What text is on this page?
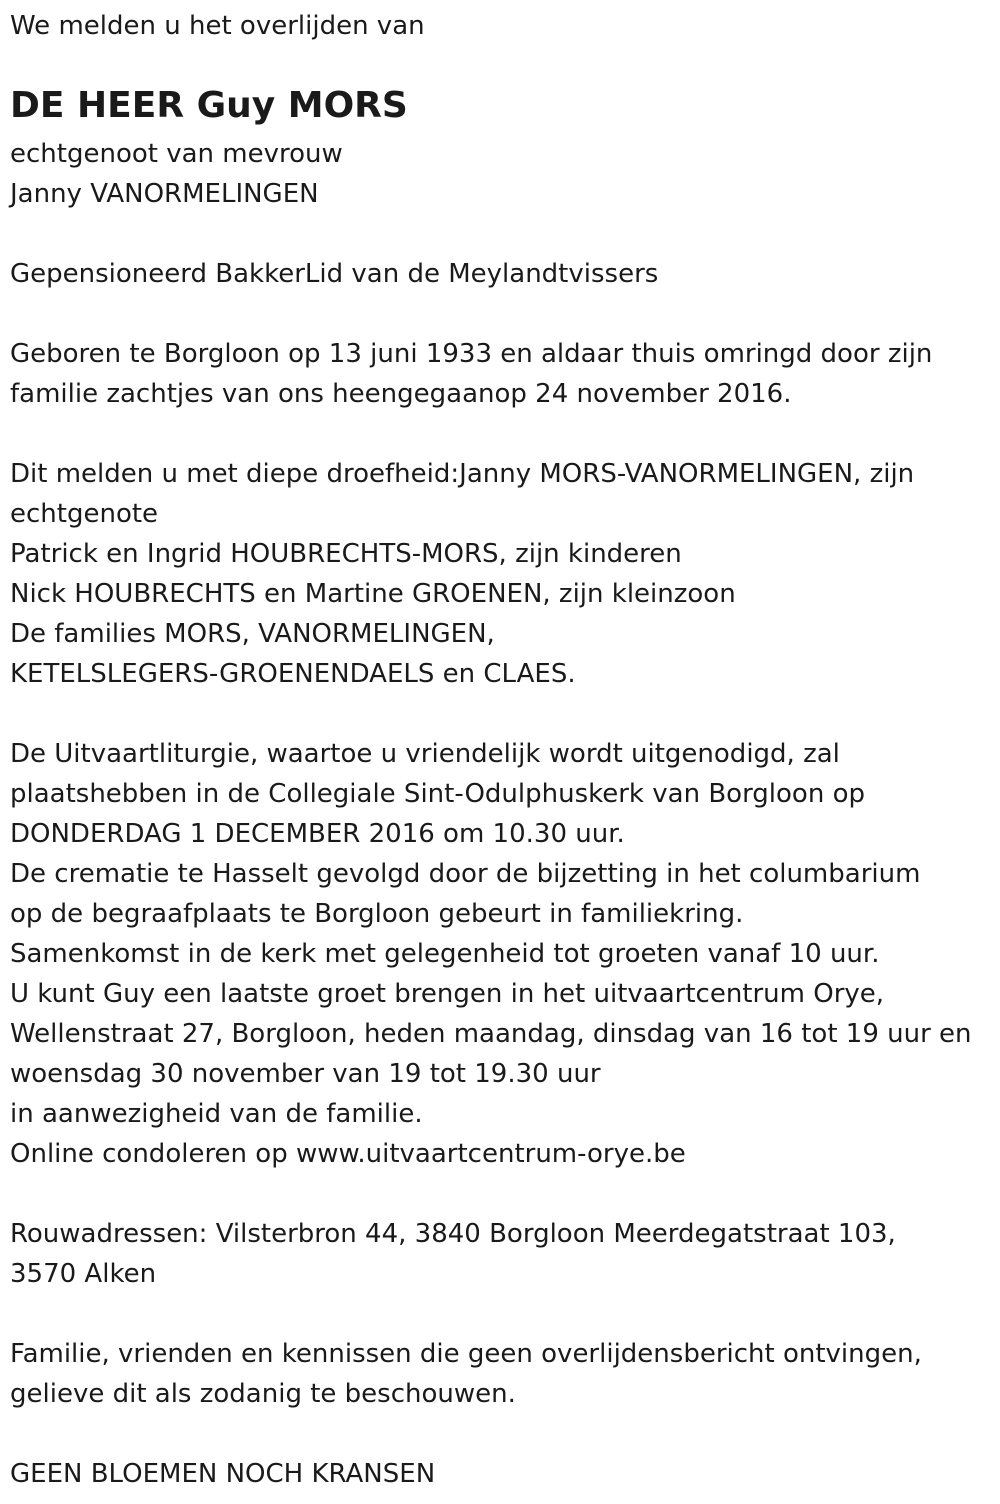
We melden u het overlijden van

DE HEER Guy MORS

echtgenoot van mevrouw

Janny VANORMELINGEN

Gepensioneerd BakkerLid van de Meylandtvissers

Geboren te Borgloon op 13 juni 1933 en aldaar thuis omringd door zijn

familie zachtjes van ons heengegaanop 24 november 2016.

Dit melden u met diepe droefheid:Janny MORS-VANORMELINGEN, zijn

echtgenote

Patrick en Ingrid HOUBRECHTS-MORS, zijn kinderen

Nick HOUBRECHTS en Martine GROENEN, zijn kleinzoon

De families MORS, VANORMELINGEN,

KETELSLEGERS-GROENENDAELS en CLAES.

De Uitvaartliturgie, waartoe u vriendelijk wordt uitgenodigd, zal

plaatshebben in de Collegiale Sint-Odulphuskerk van Borgloon op

DONDERDAG 1 DECEMBER 2016 om 10.30 uur.

De crematie te Hasselt gevolgd door de bijzetting in het columbarium

op de begraafplaats te Borgloon gebeurt in familiekring.

Samenkomst in de kerk met gelegenheid tot groeten vanaf 10 uur.

U kunt Guy een laatste groet brengen in het uitvaartcentrum Orye,

Wellenstraat 27, Borgloon, heden maandag, dinsdag van 16 tot 19 uur en

woensdag 30 november van 19 tot 19.30 uur

in aanwezigheid van de familie.

Online condoleren op www.uitvaartcentrum-orye.be

Rouwadressen: Vilsterbron 44, 3840 Borgloon Meerdegatstraat 103,

3570 Alken

Familie, vrienden en kennissen die geen overlijdensbericht ontvingen,

gelieve dit als zodanig te beschouwen.

GEEN BLOEMEN NOCH KRANSEN
